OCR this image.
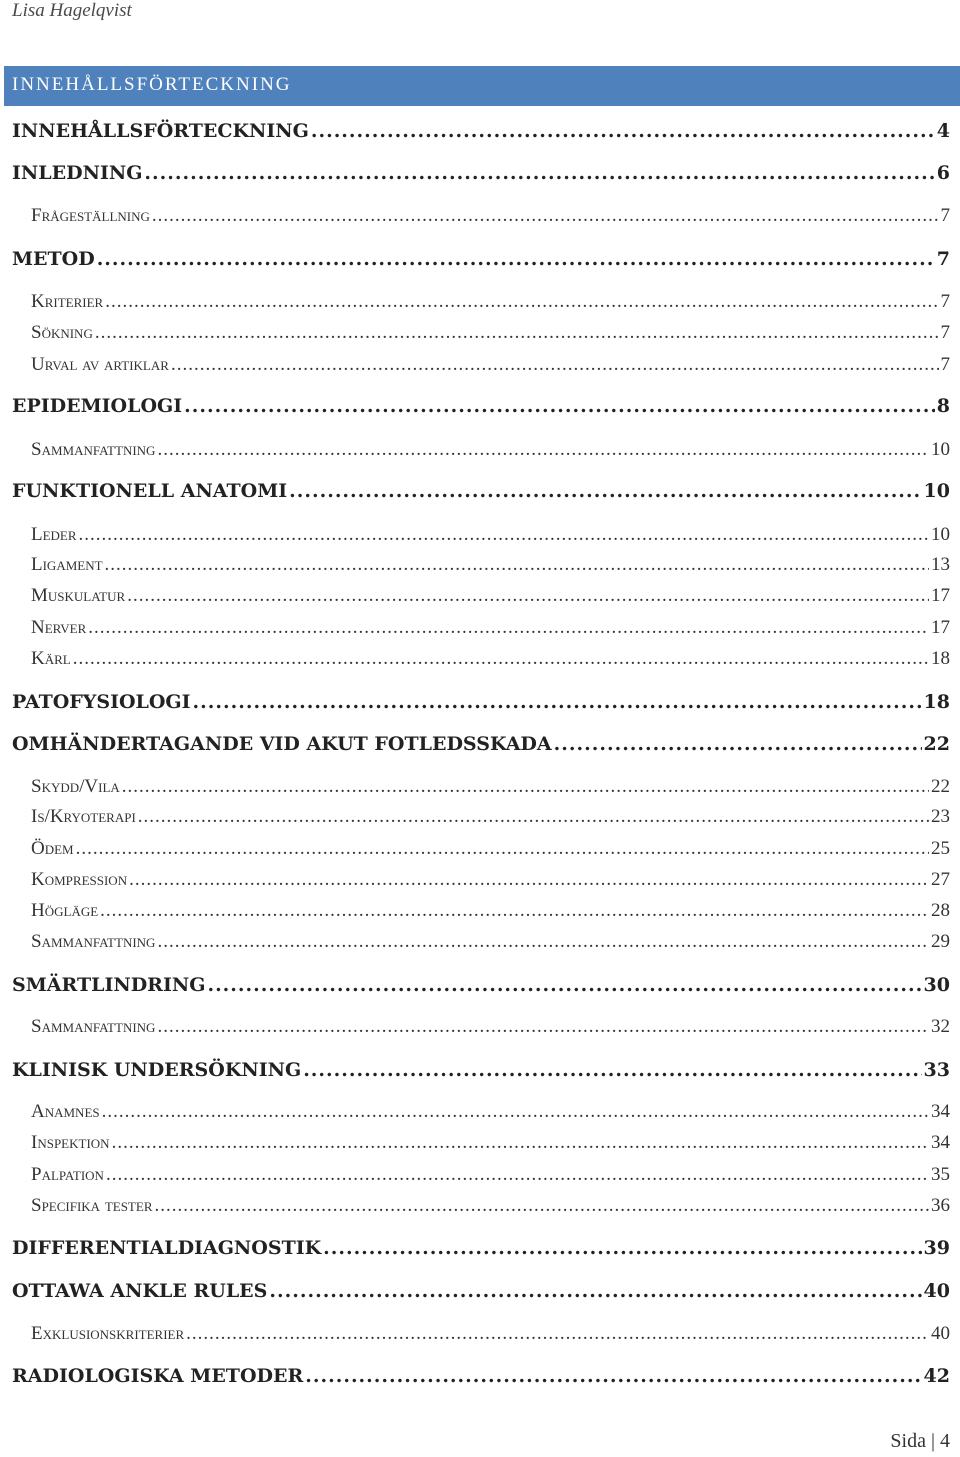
Lisa Hagelqvist
INNEHÅLLSFÖRTECKNING
INNEHÅLLSFÖRTECKNING .....	4
INLEDNING .....	6
Frågeställning .....	7
METOD .....	7
Kriterier .....	7
Sökning .....	7
Urval av artiklar .....	7
EPIDEMIOLOGI .....	8
Sammanfattning .....	10
FUNKTIONELL ANATOMI .....	10
Leder .....	10
Ligament .....	13
Muskulatur .....	17
Nerver .....	17
Kärl .....	18
PATOFYSIOLOGI .....	18
OMHÄNDERTAGANDE VID AKUT FOTLEDSSKADA .....	22
Skydd/Vila .....	22
Is/Kryoterapi .....	23
Ödem .....	25
Kompression .....	27
Högläge .....	28
Sammanfattning .....	29
SMÄRTLINDRING .....	30
Sammanfattning .....	32
KLINISK UNDERSÖKNING .....	33
Anamnes .....	34
Inspektion .....	34
Palpation .....	35
Specifika tester .....	36
DIFFERENTIALDIAGNOSTIK .....	39
OTTAWA ANKLE RULES .....	40
Exklusionskriterier .....	40
RADIOLOGISKA METODER .....	42
Sida | 4
